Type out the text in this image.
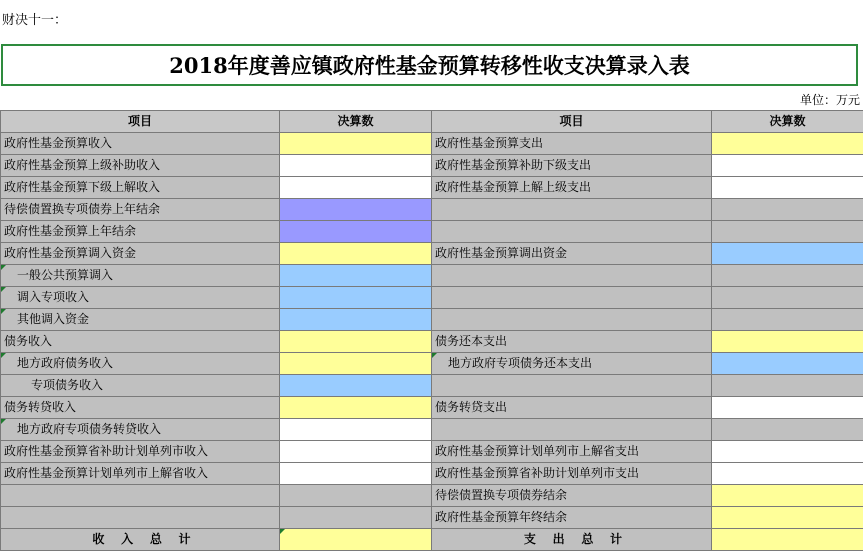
财决十一：
2018年度善应镇政府性基金预算转移性收支决算录入表
单位：万元
项目	决算数	项目	决算数
政府性基金预算收入		政府性基金预算支出	
政府性基金预算上级补助收入		政府性基金预算补助下级支出	
政府性基金预算下级上解收入		政府性基金预算上解上级支出	
待偿债置换专项债券上年结余			
政府性基金预算上年结余			
政府性基金预算调入资金		政府性基金预算调出资金	

一般公共预算调入			

调入专项收入			

其他调入资金			
债务收入		债务还本支出	

地方政府债务收入		地方政府专项债务还本支出	
专项债务收入			
债务转贷收入		债务转贷支出	

地方政府专项债务转贷收入			
政府性基金预算省补助计划单列市收入		政府性基金预算计划单列市上解省支出	
政府性基金预算计划单列市上解省收入		政府性基金预算省补助计划单列市支出	
		待偿债置换专项债券结余	
		政府性基金预算年终结余	
收    入    总    计		支    出    总    计	
